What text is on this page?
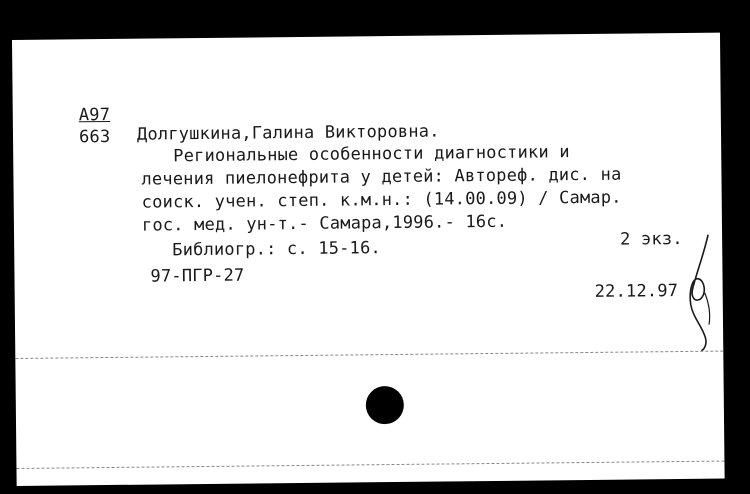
А97
663 Долгушкина,Галина Викторовна.
Региональные особенности диагностики и
лечения пиелонефрита у детей: Автореф. дис. на
соиск. учен. степ. к.м.н.: (14.00.09) / Самар.
гос. мед. ун-т.- Самара,1996.- 16с.
Библиогр.: с. 15-16.	2 экз.
97-ПГР-27
22.12.97
